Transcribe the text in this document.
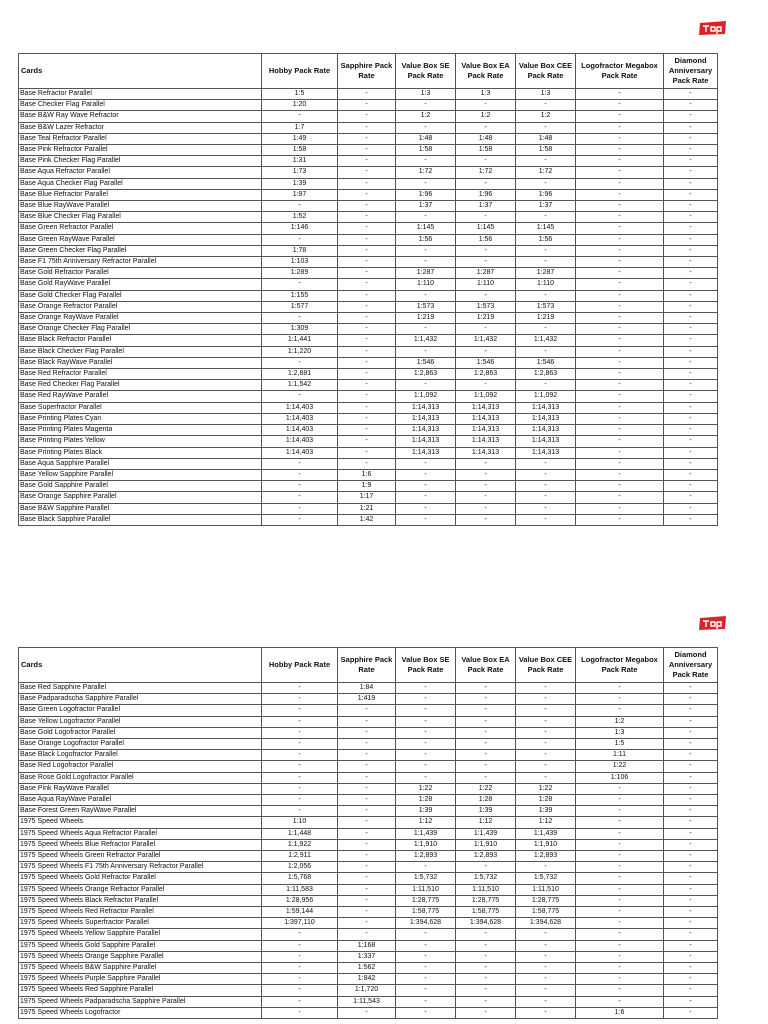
Cards	Hobby Pack Rate	Sapphire Pack Rate	Value Box SE Pack Rate	Value Box EA Pack Rate	Value Box CEE Pack Rate	Logofractor Megabox Pack Rate	Diamond Anniversary Pack Rate
Base Refractor Parallel	1:5	-	1:3	1:3	1:3	-	-
Base Checker Flag Parallel	1:20	-	-	-	-	-	-
Base B&W Ray Wave Refractor	-	-	1:2	1:2	1:2	-	-
Base B&W Lazer Refractor	1:7	-	-	-	-	-	-
Base Teal Refractor Parallel	1:49	-	1:48	1:48	1:48	-	-
Base Pink Refractor Parallel	1:58	-	1:58	1:58	1:58	-	-
Base Pink Checker Flag Parallel	1:31	-	-	-	-	-	-
Base Aqua Refractor Parallel	1:73	-	1:72	1:72	1:72	-	-
Base Aqua Checker Flag Parallel	1:39	-	-	-	-	-	-
Base Blue Refractor Parallel	1:97	-	1:96	1:96	1:96	-	-
Base Blue RayWave Parallel	-	-	1:37	1:37	1:37	-	-
Base Blue Checker Flag Parallel	1:52	-	-	-	-	-	-
Base Green Refractor Parallel	1:146	-	1:145	1:145	1:145	-	-
Base Green RayWave Parallel	-	-	1:56	1:56	1:56	-	-
Base Green Checker Flag Parallel	1:78	-	-	-	-	-	-
Base F1 75th Anniversary Refractor Parallel	1:103	-	-	-	-	-	-
Base Gold Refractor Parallel	1:289	-	1:287	1:287	1:287	-	-
Base Gold RayWave Parallel	-	-	1:110	1:110	1:110	-	-
Base Gold Checker Flag Parallel	1:155	-	-	-	-	-	-
Base Orange Refractor Parallel	1:577	-	1:573	1:573	1:573	-	-
Base Orange RayWave Parallel	-	-	1:219	1:219	1:219	-	-
Base Orange Checker Flag Parallel	1:309	-	-	-	-	-	-
Base Black Refractor Parallel	1:1,441	-	1:1,432	1:1,432	1:1,432	-	-
Base Black Checker Flag Parallel	1:1,220	-	-	-	-	-	-
Base Black RayWave Parallel	-	-	1:546	1:546	1:546	-	-
Base Red Refractor Parallel	1:2,881	-	1:2,863	1:2,863	1:2,863	-	-
Base Red Checker Flag Parallel	1:1,542	-	-	-	-	-	-
Base Red RayWave Parallel	-	-	1:1,092	1:1,092	1:1,092	-	-
Base Superfractor Parallel	1:14,403	-	1:14,313	1:14,313	1:14,313	-	-
Base Printing Plates Cyan	1:14,403	-	1:14,313	1:14,313	1:14,313	-	-
Base Printing Plates Magenta	1:14,403	-	1:14,313	1:14,313	1:14,313	-	-
Base Printing Plates Yellow	1:14,403	-	1:14,313	1:14,313	1:14,313	-	-
Base Printing Plates Black	1:14,403	-	1:14,313	1:14,313	1:14,313	-	-
Base Aqua Sapphire Parallel	-	-	-	-	-	-	-
Base Yellow Sapphire Parallel	-	1:6	-	-	-	-	-
Base Gold Sapphire Parallel	-	1:9	-	-	-	-	-
Base Orange Sapphire Parallel	-	1:17	-	-	-	-	-
Base B&W Sapphire Parallel	-	1:21	-	-	-	-	-
Base Black Sapphire Parallel	-	1:42	-	-	-	-	-
Cards	Hobby Pack Rate	Sapphire Pack Rate	Value Box SE Pack Rate	Value Box EA Pack Rate	Value Box CEE Pack Rate	Logofractor Megabox Pack Rate	Diamond Anniversary Pack Rate
Base Red Sapphire Parallel	-	1:84	-	-	-	-	-
Base Padparadscha Sapphire Parallel	-	1:419	-	-	-	-	-
Base Green Logofractor Parallel	-	-	-	-	-	-	-
Base Yellow Logofractor Parallel	-	-	-	-	-	1:2	-
Base Gold Logofractor Parallel	-	-	-	-	-	1:3	-
Base Orange Logofractor Parallel	-	-	-	-	-	1:5	-
Base Black Logofractor Parallel	-	-	-	-	-	1:11	-
Base Red Logofractor Parallel	-	-	-	-	-	1:22	-
Base Rose Gold Logofractor Parallel	-	-	-	-	-	1:106	-
Base Pink RayWave Parallel	-	-	1:22	1:22	1:22	-	-
Base Aqua RayWave Parallel	-	-	1:28	1:28	1:28	-	-
Base Forest Green RayWave Parallel	-	-	1:39	1:39	1:39	-	-
1975 Speed Wheels	1:10	-	1:12	1:12	1:12	-	-
1975 Speed Wheels Aqua Refractor Parallel	1:1,448	-	1:1,439	1:1,439	1:1,439	-	-
1975 Speed Wheels Blue Refractor Parallel	1:1,922	-	1:1,910	1:1,910	1:1,910	-	-
1975 Speed Wheels Green Refractor Parallel	1:2,911	-	1:2,893	1:2,893	1:2,893	-	-
1975 Speed Wheels F1 75th Anniversary Refractor Parallel	1:2,056	-	-	-	-	-	-
1975 Speed Wheels Gold Refractor Parallel	1:5,768	-	1:5,732	1:5,732	1:5,732	-	-
1975 Speed Wheels Orange Refractor Parallel	1:11,583	-	1:11,510	1:11,510	1:11,510	-	-
1975 Speed Wheels Black Refractor Parallel	1:28,956	-	1:28,775	1:28,775	1:28,775	-	-
1975 Speed Wheels Red Refractor Parallel	1:59,144	-	1:58,775	1:58,775	1:58,775	-	-
1975 Speed Wheels Superfractor Parallel	1:397,110	-	1:394,628	1:394,628	1:394,628	-	-
1975 Speed Wheels Yellow Sapphire Parallel	-	-	-	-	-	-	-
1975 Speed Wheels Gold Sapphire Parallel	-	1:168	-	-	-	-	-
1975 Speed Wheels Orange Sapphire Parallel	-	1:337	-	-	-	-	-
1975 Speed Wheels B&W Sapphire Parallel	-	1:562	-	-	-	-	-
1975 Speed Wheels Purple Sapphire Parallel	-	1:842	-	-	-	-	-
1975 Speed Wheels Red Sapphire Parallel	-	1:1,720	-	-	-	-	-
1975 Speed Wheels Padparadscha Sapphire Parallel	-	1:11,543	-	-	-	-	-
1975 Speed Wheels Logofractor	-	-	-	-	-	1:6	-
